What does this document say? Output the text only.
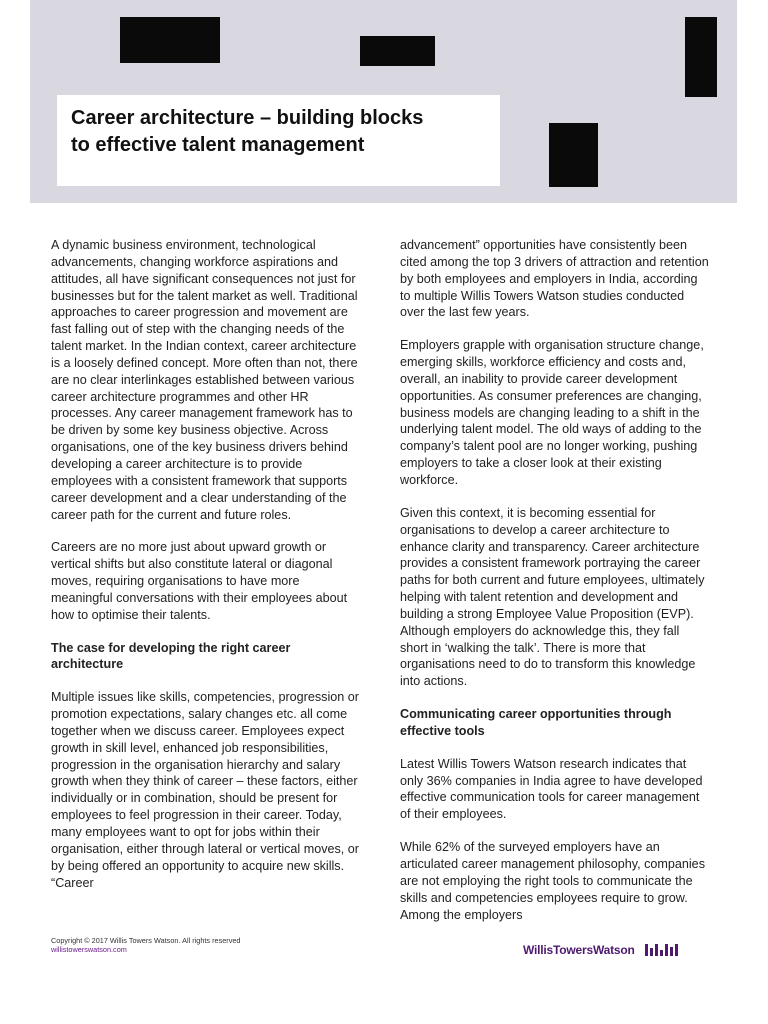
Career architecture – building blocks
to effective talent management

A dynamic business environment, technological advancements, changing workforce aspirations and attitudes, all have significant consequences not just for businesses but for the talent market as well. Traditional approaches to career progression and movement are fast falling out of step with the changing needs of the talent market. In the Indian context, career architecture is a loosely defined concept. More often than not, there are no clear interlinkages established between various career architecture programmes and other HR processes. Any career management framework has to be driven by some key business objective. Across organisations, one of the key business drivers behind developing a career architecture is to provide employees with a consistent framework that supports career development and a clear understanding of the career path for the current and future roles.

Careers are no more just about upward growth or vertical shifts but also constitute lateral or diagonal moves, requiring organisations to have more meaningful conversations with their employees about how to optimise their talents.

The case for developing the right career architecture

Multiple issues like skills, competencies, progression or promotion expectations, salary changes etc. all come together when we discuss career. Employees expect growth in skill level, enhanced job responsibilities, progression in the organisation hierarchy and salary growth when they think of career – these factors, either individually or in combination, should be present for employees to feel progression in their career. Today, many employees want to opt for jobs within their organisation, either through lateral or vertical moves, or by being offered an opportunity to acquire new skills. “Career

advancement” opportunities have consistently been cited among the top 3 drivers of attraction and retention by both employees and employers in India, according to multiple Willis Towers Watson studies conducted over the last few years.

Employers grapple with organisation structure change, emerging skills, workforce efficiency and costs and, overall, an inability to provide career development opportunities. As consumer preferences are changing, business models are changing leading to a shift in the underlying talent model. The old ways of adding to the company’s talent pool are no longer working, pushing employers to take a closer look at their existing workforce.

Given this context, it is becoming essential for organisations to develop a career architecture to enhance clarity and transparency. Career architecture provides a consistent framework portraying the career paths for both current and future employees, ultimately helping with talent retention and development and building a strong Employee Value Proposition (EVP). Although employers do acknowledge this, they fall short in ‘walking the talk’. There is more that organisations need to do to transform this knowledge into actions.

Communicating career opportunities through effective tools

Latest Willis Towers Watson research indicates that only 36% companies in India agree to have developed effective communication tools for career management of their employees.

While 62% of the surveyed employers have an articulated career management philosophy, companies are not employing the right tools to communicate the skills and competencies employees require to grow. Among the employers

Copyright © 2017 Willis Towers Watson. All rights reserved
willistowerswatson.com	WillisTowersWatson
